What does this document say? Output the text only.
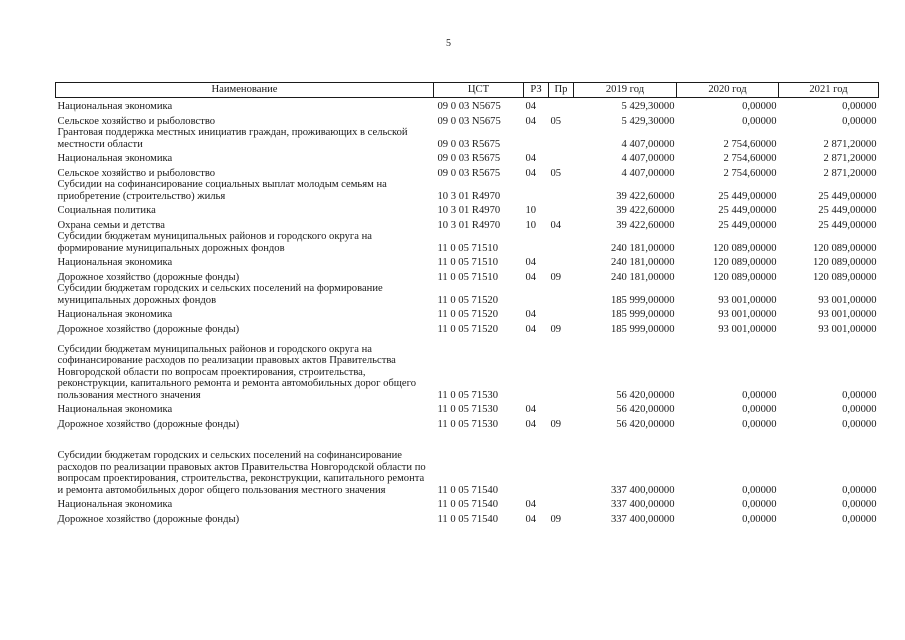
5
Наименование	ЦСТ	РЗ	Пр	2019 год	2020 год	2021 год
Национальная экономика	09 0 03 N5675	04		5 429,30000	0,00000	0,00000
Сельское хозяйство и рыболовство	09 0 03 N5675	04	05	5 429,30000	0,00000	0,00000
Грантовая поддержка местных инициатив граждан, проживающих в сельской местности области	09 0 03 R5675			4 407,00000	2 754,60000	2 871,20000
Национальная экономика	09 0 03 R5675	04		4 407,00000	2 754,60000	2 871,20000
Сельское хозяйство и рыболовство	09 0 03 R5675	04	05	4 407,00000	2 754,60000	2 871,20000
Субсидии на софинансирование социальных выплат молодым семьям на приобретение (строительство) жилья	10 3 01 R4970			39 422,60000	25 449,00000	25 449,00000
Социальная политика	10 3 01 R4970	10		39 422,60000	25 449,00000	25 449,00000
Охрана семьи и детства	10 3 01 R4970	10	04	39 422,60000	25 449,00000	25 449,00000
Субсидии бюджетам муниципальных районов и городского округа на формирование муниципальных дорожных фондов	11 0 05 71510			240 181,00000	120 089,00000	120 089,00000
Национальная экономика	11 0 05 71510	04		240 181,00000	120 089,00000	120 089,00000
Дорожное хозяйство (дорожные фонды)	11 0 05 71510	04	09	240 181,00000	120 089,00000	120 089,00000
Субсидии бюджетам городских и сельских поселений на формирование муниципальных дорожных фондов	11 0 05 71520			185 999,00000	93 001,00000	93 001,00000
Национальная экономика	11 0 05 71520	04		185 999,00000	93 001,00000	93 001,00000
Дорожное хозяйство (дорожные фонды)	11 0 05 71520	04	09	185 999,00000	93 001,00000	93 001,00000
Субсидии бюджетам муниципальных районов и городского округа на софинансирование расходов по реализации правовых актов Правительства Новгородской области по вопросам проектирования, строительства, реконструкции, капитального ремонта и ремонта автомобильных дорог общего пользования местного значения	11 0 05 71530			56 420,00000	0,00000	0,00000
Национальная экономика	11 0 05 71530	04		56 420,00000	0,00000	0,00000
Дорожное хозяйство (дорожные фонды)	11 0 05 71530	04	09	56 420,00000	0,00000	0,00000
Субсидии бюджетам городских и сельских поселений на софинансирование расходов по реализации правовых актов Правительства Новгородской области по вопросам проектирования, строительства, реконструкции, капитального ремонта и ремонта автомобильных дорог общего пользования местного значения	11 0 05 71540			337 400,00000	0,00000	0,00000
Национальная экономика	11 0 05 71540	04		337 400,00000	0,00000	0,00000
Дорожное хозяйство (дорожные фонды)	11 0 05 71540	04	09	337 400,00000	0,00000	0,00000
